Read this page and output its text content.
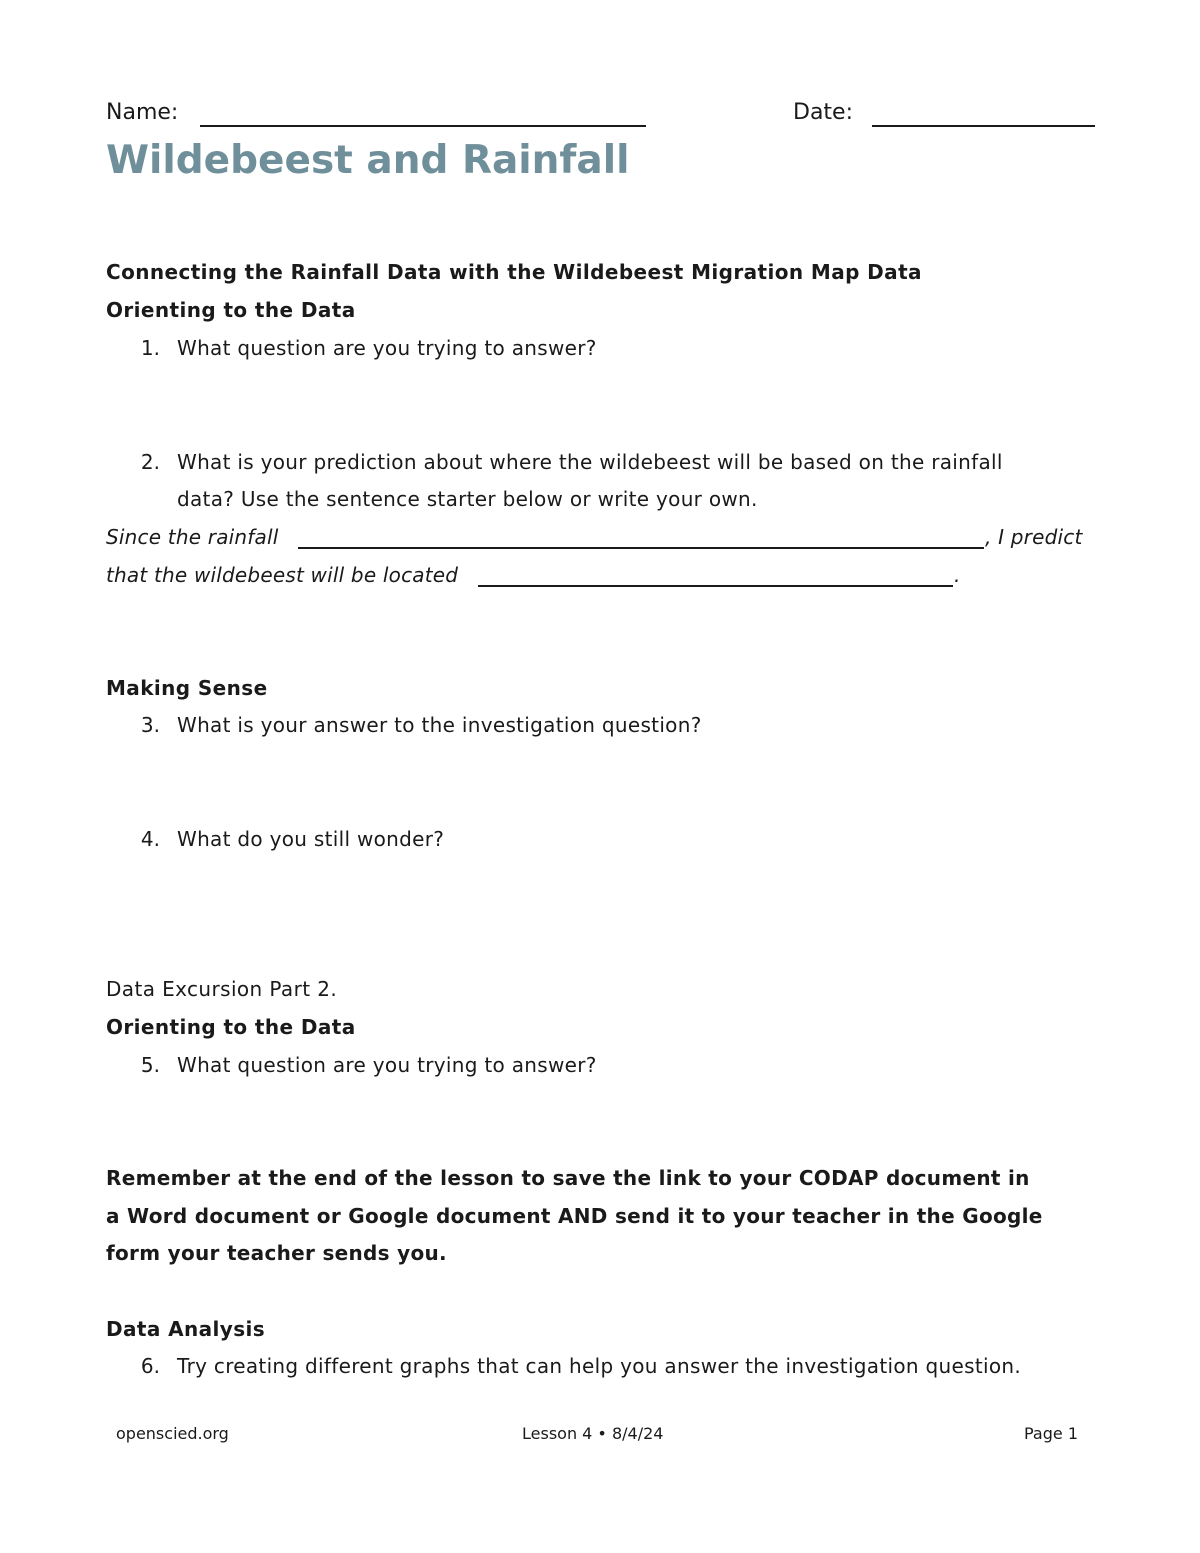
Name:	Date:
Wildebeest and Rainfall
Connecting the Rainfall Data with the Wildebeest Migration Map Data
Orienting to the Data
1. What question are you trying to answer?
2. What is your prediction about where the wildebeest will be based on the rainfall
data? Use the sentence starter below or write your own.
Since the rainfall	, I predict
that the wildebeest will be located	.
Making Sense
3. What is your answer to the investigation question?
4. What do you still wonder?
Data Excursion Part 2.
Orienting to the Data
5. What question are you trying to answer?
Remember at the end of the lesson to save the link to your CODAP document in
a Word document or Google document AND send it to your teacher in the Google
form your teacher sends you.
Data Analysis
6. Try creating different graphs that can help you answer the investigation question.
openscied.org	Lesson 4 • 8/4/24	Page 1
